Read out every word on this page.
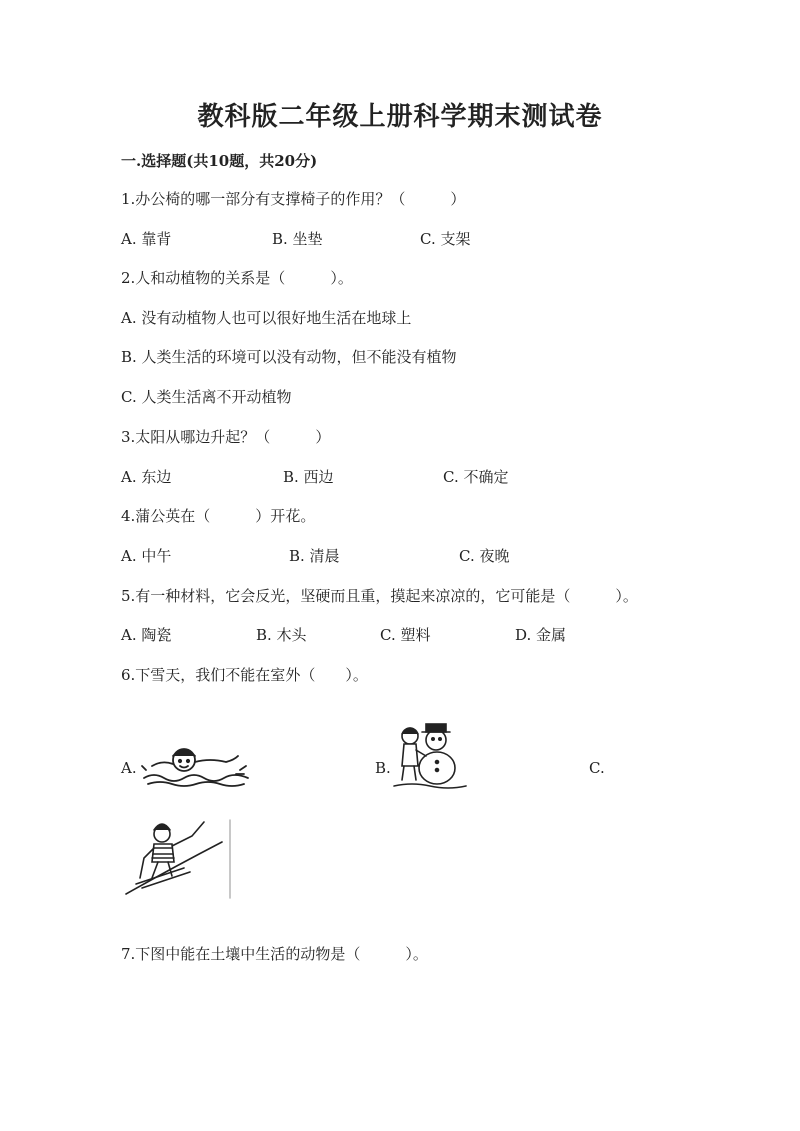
教科版二年级上册科学期末测试卷
一.选择题(共10题，共20分)
1.办公椅的哪一部分有支撑椅子的作用？（　　　）
A. 靠背	B. 坐垫	C. 支架
2.人和动植物的关系是（　　　）。
A. 没有动植物人也可以很好地生活在地球上
B. 人类生活的环境可以没有动物，但不能没有植物
C. 人类生活离不开动植物
3.太阳从哪边升起？（　　　）
A. 东边	B. 西边	C. 不确定
4.蒲公英在（　　　）开花。
A. 中午	B. 清晨	C. 夜晚
5.有一种材料，它会反光，坚硬而且重，摸起来凉凉的，它可能是（　　　）。
A. 陶瓷	B. 木头	C. 塑料	D. 金属
6.下雪天，我们不能在室外（　　）。
A.	B.	C.
7.下图中能在土壤中生活的动物是（　　　）。
